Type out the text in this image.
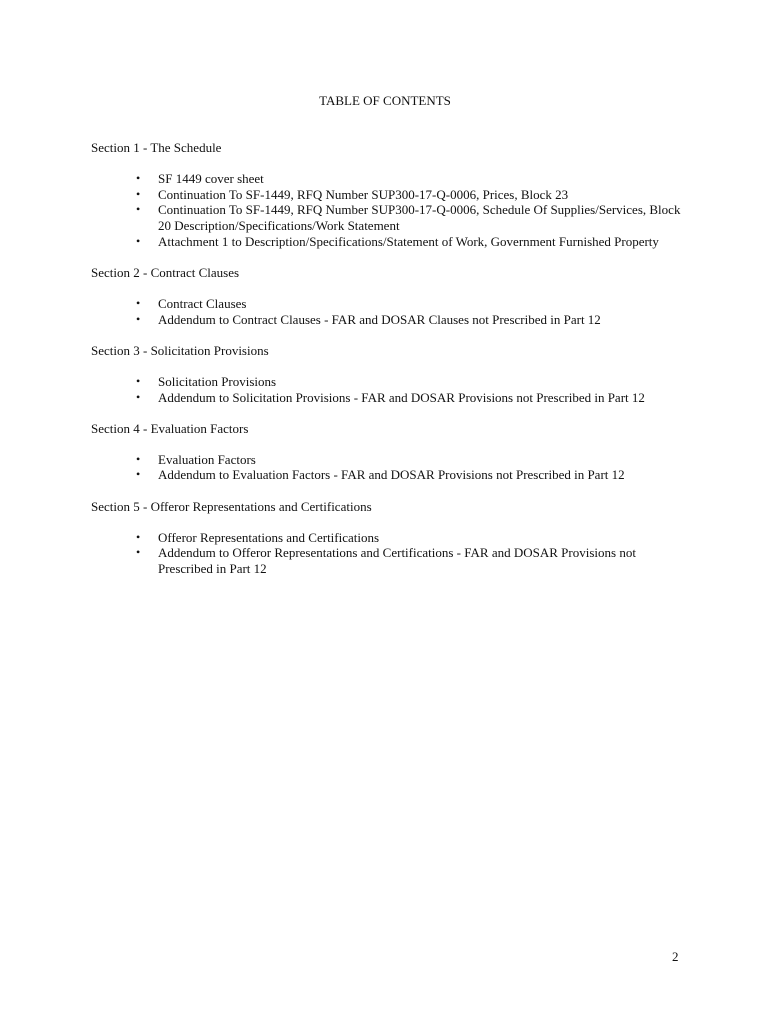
TABLE OF CONTENTS
Section 1 - The Schedule
• SF 1449 cover sheet
• Continuation To SF-1449, RFQ Number SUP300-17-Q-0006, Prices, Block 23
• Continuation To SF-1449, RFQ Number SUP300-17-Q-0006, Schedule Of Supplies/Services, Block 20 Description/Specifications/Work Statement
• Attachment 1 to Description/Specifications/Statement of Work, Government Furnished Property
Section 2 - Contract Clauses
• Contract Clauses
• Addendum to Contract Clauses - FAR and DOSAR Clauses not Prescribed in Part 12
Section 3 - Solicitation Provisions
• Solicitation Provisions
• Addendum to Solicitation Provisions - FAR and DOSAR Provisions not Prescribed in Part 12
Section 4 - Evaluation Factors
• Evaluation Factors
• Addendum to Evaluation Factors - FAR and DOSAR Provisions not Prescribed in Part 12
Section 5 - Offeror Representations and Certifications
• Offeror Representations and Certifications
• Addendum to Offeror Representations and Certifications - FAR and DOSAR Provisions not Prescribed in Part 12
2
